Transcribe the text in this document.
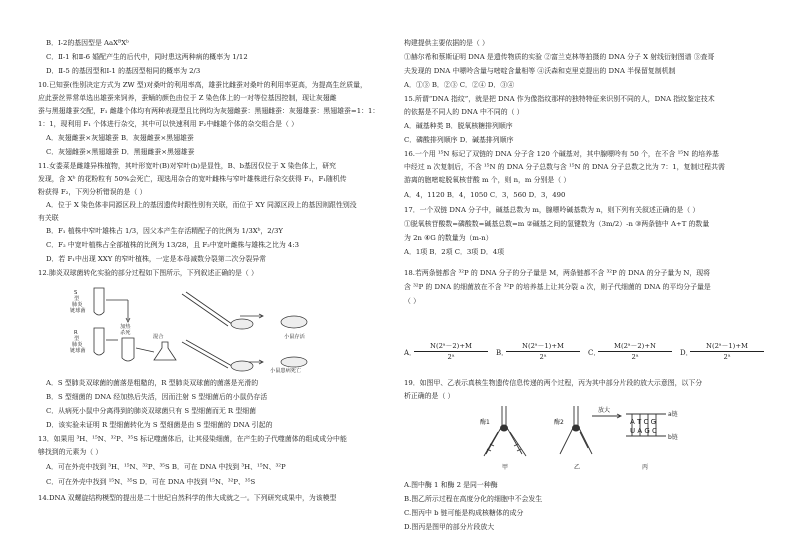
B．Ⅰ-2的基因型是 AaXᴮXᵇ
C．Ⅱ-1 和Ⅱ-6 婚配产生的后代中，同时患这两种病的概率为 1/12
D．Ⅱ-5 的基因型和Ⅰ-1 的基因型相同的概率为 2/3
10.已知蚕(性别决定方式为 ZW 型)对桑叶的利用率高，雄蚕比雌蚕对桑叶的利用率更高，为提高生丝质量，
应此蚕丝界常单选出雄蚕来饲养，蚕蛹的颜色由位于 Z 染色体上的一对等位基因控制，现让灰翅雌
蚕与黑翅雄蚕交配，F₁ 雌雄个体均有两种表现型且比例均为灰翅雌蚕：黑翅雌蚕：灰翅雄蚕：黑翅雄蚕=1：1：
1：1，现利用 F₁ 个体进行杂交，其中可以快速利用 F₂中雌雄个体的杂交组合是（ ）
A．灰翅雌蚕×灰翅雄蚕 B．灰翅雌蚕×黑翅雄蚕
C．灰翅雌蚕×黑翅雄蚕 D．黑翅雌蚕×黑翅雄蚕
11.女娄菜是雌雄异株植物，其叶形宽叶(B)对窄叶(b)是显性，B、b基因仅位于 X 染色体上，研究
发现，含 Xᵇ 的花粉粒有 50%会死亡，现选用杂合的宽叶雌株与窄叶雄株进行杂交获得 F₁，F₁随机传
粉获得 F₂，下列分析错误的是（ ）
A．位于 X 染色体非同源区段上的基因遗传时跟性别有关联，而位于 XY 同源区段上的基因则跟性别没
有关联
B．F₁ 植株中窄叶雄株占 1/3，因父本产生存活精配子的比例为 1/3Xᵇ，2/3Y
C．F₂ 中宽叶植株占全部植株的比例为 13/28，且 F₂中宽叶雌株与雄株之比为 4:3
D．若 F₁中出现 XXY 的窄叶植株，一定是本母减数分裂第二次分裂异常
12.肺炎双球菌转化实验的部分过程如下图所示，下列叙述正确的是（ ）
S
型
肺炎
链球菌
R
型
肺炎
链球菌
加热
杀死
混合	小鼠存活
小鼠患病死亡
A．S 型肺炎双球菌的菌落是粗糙的，R 型肺炎双球菌的菌落是光滑的
B．S 型细菌的 DNA 经加热后失活，因而注射 S 型细菌后的小鼠仍存活
C．从病死小鼠中分离得到的肺炎双球菌只有 S 型细菌而无 R 型细菌
D．该实验未证明 R 型细菌转化为 S 型细菌是由 S 型细菌的 DNA 引起的
13．如果用 ³H、¹⁵N、³²P、³⁵S 标记噬菌体后，让其侵染细菌，在产生的子代噬菌体的组成成分中能
够找到的元素为（ ）
A．可在外壳中找到 ³H、¹⁵N、³²P、³⁵S B．可在 DNA 中找到 ³H、¹⁵N、³²P
C．可在外壳中找到 ¹⁵N、³⁵S D．可在 DNA 中找到 ¹⁵N、³²P、³⁵S
14.DNA 双螺旋结构模型的提出是二十世纪自然科学的伟大成就之一。下列研究成果中，为该模型
构建提供主要依据的是（ ）
①赫尔希和蔡斯证明 DNA 是遗传物质的实验 ②富兰克林等拍摄的 DNA 分子 X 射线衍射图谱 ③查哥
夫发现的 DNA 中嘌呤含量与嘧啶含量相等 ④沃森和克里克提出的 DNA 半保留复制机制
A．①③ B．②③ C．②④ D．③④
15.所谓“DNA 指纹”，就是把 DNA 作为像指纹那样的独特特征来识别不同的人，DNA 指纹鉴定技术
的依据是不同人的 DNA 中不同的（ ）
A．碱基种类 B．脱氧核糖排列顺序
C．磷酸排列顺序 D．碱基排列顺序
16.一个用 ¹⁵N 标记了双链的 DNA 分子含 120 个碱基对，其中腺嘌呤有 50 个，在不含 ¹⁵N 的培养基
中经过 n 次复制后，不含 ¹⁵N 的 DNA 分子总数与含 ¹⁵N 的 DNA 分子总数之比为 7：1，复制过程共需
游离的胞嘧啶脱氧核苷酸 m 个，则 n，m 分别是（ ）
A．4，1120 B．4，1050 C．3，560 D．3，490
17．一个双链 DNA 分子中，碱基总数为 m，腺嘌呤碱基数为 n，则下列有关叙述正确的是（ ）
①脱氧核苷酸数=磷酸数=碱基总数=m ②碱基之间的氢键数为（3m/2）-n ③两条链中 A+T 的数量
为 2n ④G 的数量为（m-n）
A．1项 B．2项 C．3项 D．4项
18.若两条链都含 ³²P 的 DNA 分子的分子量是 M，两条链都不含 ³²P 的 DNA 的分子量为 N，现将
含 ³²P 的 DNA 的细菌放在不含 ³²P 的培养基上让其分裂 a 次，则子代细菌的 DNA 的平均分子量是
（ ）
A．
$\frac{\text{N(2ᵃ－2)+M}}{\text{2ᵃ}}$ B．
$\frac{\text{N(2ᵃ－1)+M}}{\text{2ᵃ}}$ C．
$\frac{\text{M(2ᵃ－2)+N}}{\text{2ᵃ}}$ D．
$\frac{\text{N(2ᵃ－1)+M}}{\text{2ᵃ}}$
19．如图甲、乙表示真核生物遗传信息传递的两个过程，丙为其中部分片段的放大示意图，以下分
析正确的是（ ）
酶1	酶2
放大
A T C G
U A G C
a链
b链
甲	乙	丙
A.图中酶 1 和酶 2 是同一种酶
B.图乙所示过程在高度分化的细胞中不会发生
C.图丙中 b 链可能是构成核糖体的成分
D.图丙是图甲的部分片段放大
